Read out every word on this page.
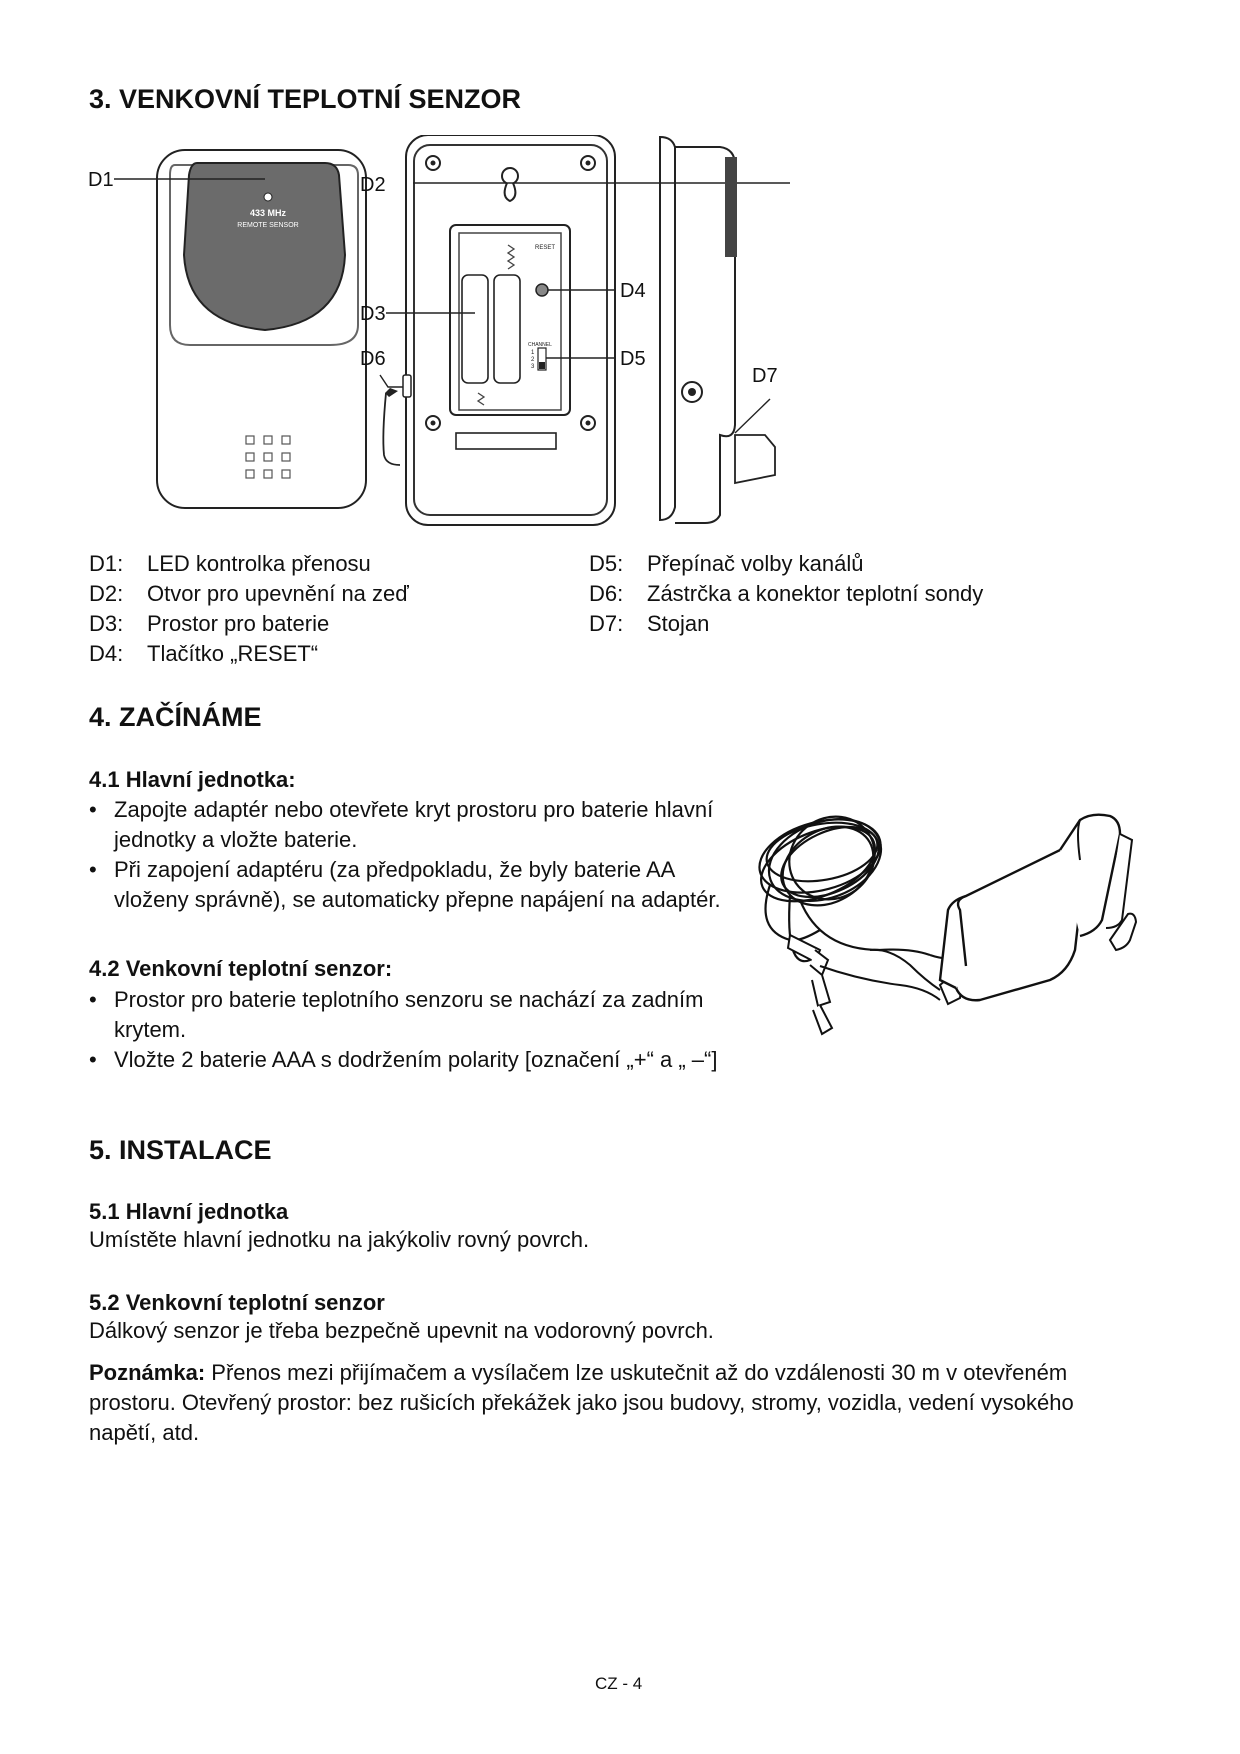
3. VENKOVNÍ TEPLOTNÍ SENZOR
433 MHz
REMOTE SENSOR
D1	D2
RESET
D4
D3
CHANNEL
1
2
3	D5
D6
D7
D1: LED kontrolka přenosu
D2: Otvor pro upevnění na zeď
D3: Prostor pro baterie
D4: Tlačítko „RESET“
D5: Přepínač volby kanálů
D6: Zástrčka a konektor teplotní sondy
D7: Stojan
4. ZAČÍNÁME
4.1 Hlavní jednotka:
• Zapojte adaptér nebo otevřete kryt prostoru pro baterie hlavní jednotky a vložte baterie.
• Při zapojení adaptéru (za předpokladu, že byly baterie AA vloženy správně), se automaticky přepne napájení na adaptér.
4.2 Venkovní teplotní senzor:
• Prostor pro baterie teplotního senzoru se nachází za zadním krytem.
• Vložte 2 baterie AAA s dodržením polarity [označení „+“ a „ –“]
5. INSTALACE
5.1 Hlavní jednotka
Umístěte hlavní jednotku na jakýkoliv rovný povrch.
5.2 Venkovní teplotní senzor
Dálkový senzor je třeba bezpečně upevnit na vodorovný povrch.
Poznámka: Přenos mezi přijímačem a vysílačem lze uskutečnit až do vzdálenosti 30 m v otevřeném prostoru. Otevřený prostor: bez rušicích překážek jako jsou budovy, stromy, vozidla, vedení vysokého napětí, atd.
CZ - 4
